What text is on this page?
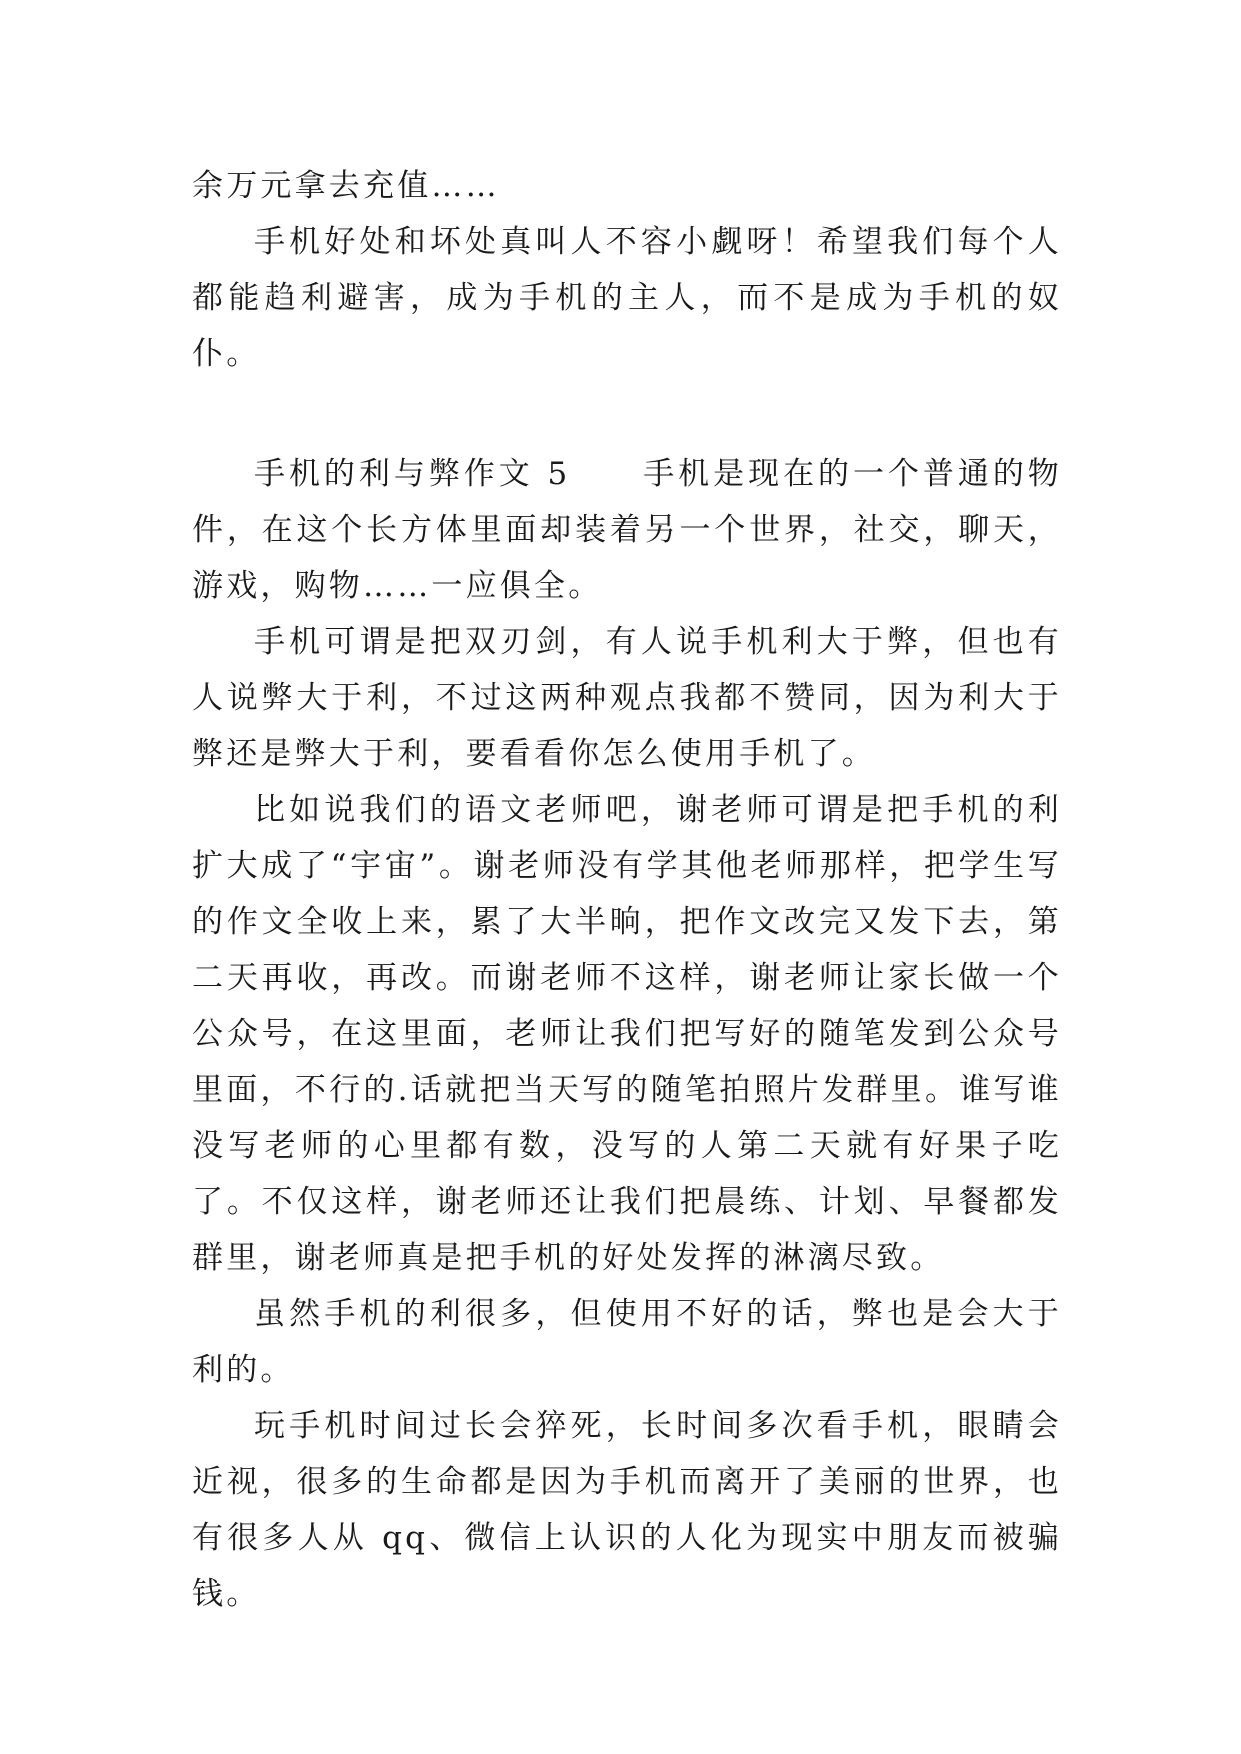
余万元拿去充值……

手机好处和坏处真叫人不容小觑呀！希望我们每个人都能趋利避害，成为手机的主人，而不是成为手机的奴仆。

手机的利与弊作文 5 手机是现在的一个普通的物件，在这个长方体里面却装着另一个世界，社交，聊天，游戏，购物……一应俱全。

手机可谓是把双刃剑，有人说手机利大于弊，但也有人说弊大于利，不过这两种观点我都不赞同，因为利大于弊还是弊大于利，要看看你怎么使用手机了。

比如说我们的语文老师吧，谢老师可谓是把手机的利扩大成了“宇宙”。谢老师没有学其他老师那样，把学生写的作文全收上来，累了大半晌，把作文改完又发下去，第二天再收，再改。而谢老师不这样，谢老师让家长做一个公众号，在这里面，老师让我们把写好的随笔发到公众号里面，不行的.话就把当天写的随笔拍照片发群里。谁写谁没写老师的心里都有数，没写的人第二天就有好果子吃了。不仅这样，谢老师还让我们把晨练、计划、早餐都发群里，谢老师真是把手机的好处发挥的淋漓尽致。

虽然手机的利很多，但使用不好的话，弊也是会大于利的。

玩手机时间过长会猝死，长时间多次看手机，眼睛会近视，很多的生命都是因为手机而离开了美丽的世界，也有很多人从 qq、微信上认识的人化为现实中朋友而被骗钱。
